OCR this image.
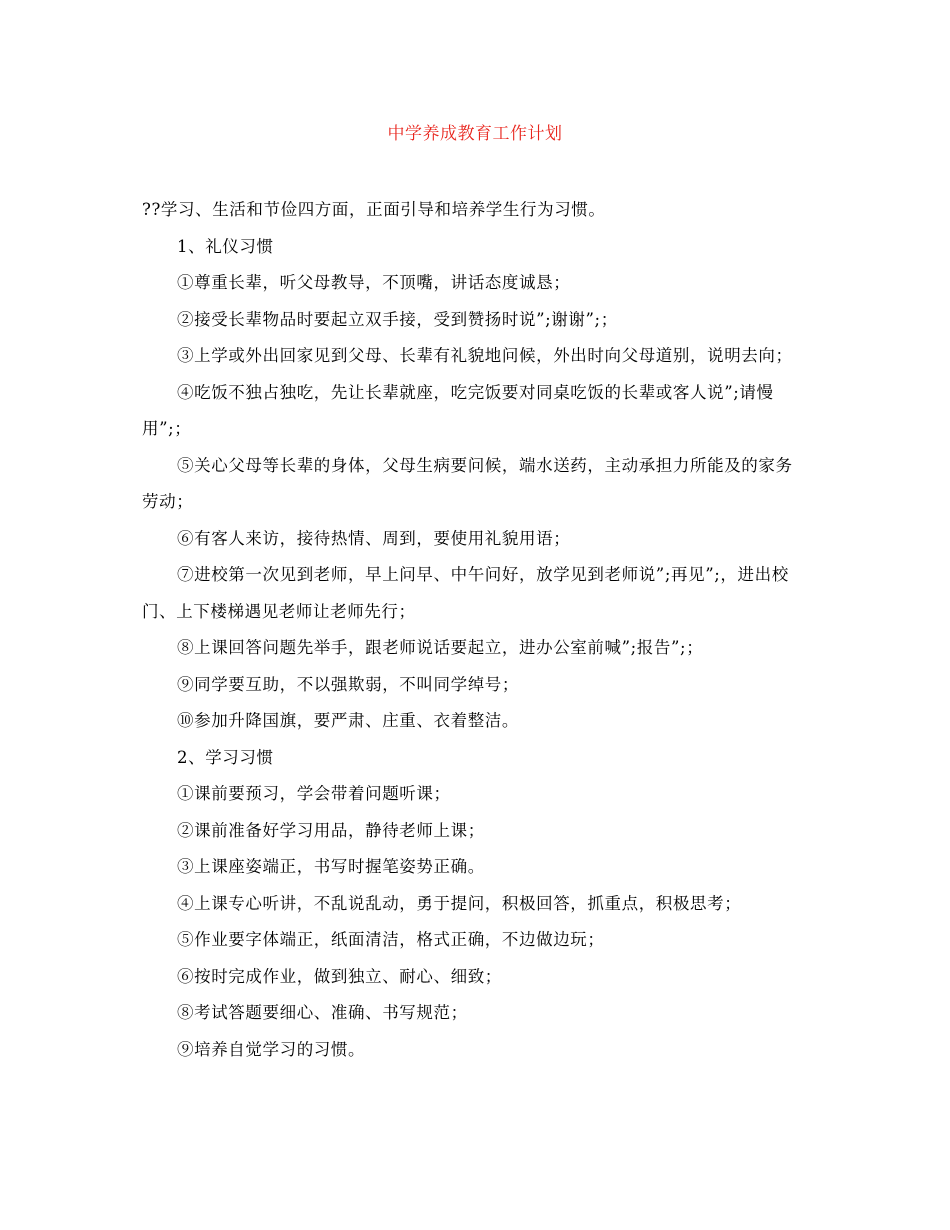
中学养成教育工作计划

??学习、生活和节俭四方面，正面引导和培养学生行为习惯。

1、礼仪习惯

①尊重长辈，听父母教导，不顶嘴，讲话态度诚恳；

②接受长辈物品时要起立双手接，受到赞扬时说”;谢谢”;；

③上学或外出回家见到父母、长辈有礼貌地问候，外出时向父母道别，说明去向；

④吃饭不独占独吃，先让长辈就座，吃完饭要对同桌吃饭的长辈或客人说”;请慢用”;；

⑤关心父母等长辈的身体，父母生病要问候，端水送药，主动承担力所能及的家务劳动；

⑥有客人来访，接待热情、周到，要使用礼貌用语；

⑦进校第一次见到老师，早上问早、中午问好，放学见到老师说”;再见”;，进出校门、上下楼梯遇见老师让老师先行；

⑧上课回答问题先举手，跟老师说话要起立，进办公室前喊”;报告”;；

⑨同学要互助，不以强欺弱，不叫同学绰号；

⑩参加升降国旗，要严肃、庄重、衣着整洁。

2、学习习惯

①课前要预习，学会带着问题听课；

②课前准备好学习用品，静待老师上课；

③上课座姿端正，书写时握笔姿势正确。

④上课专心听讲，不乱说乱动，勇于提问，积极回答，抓重点，积极思考；

⑤作业要字体端正，纸面清洁，格式正确，不边做边玩；

⑥按时完成作业，做到独立、耐心、细致；

⑧考试答题要细心、准确、书写规范；

⑨培养自觉学习的习惯。
